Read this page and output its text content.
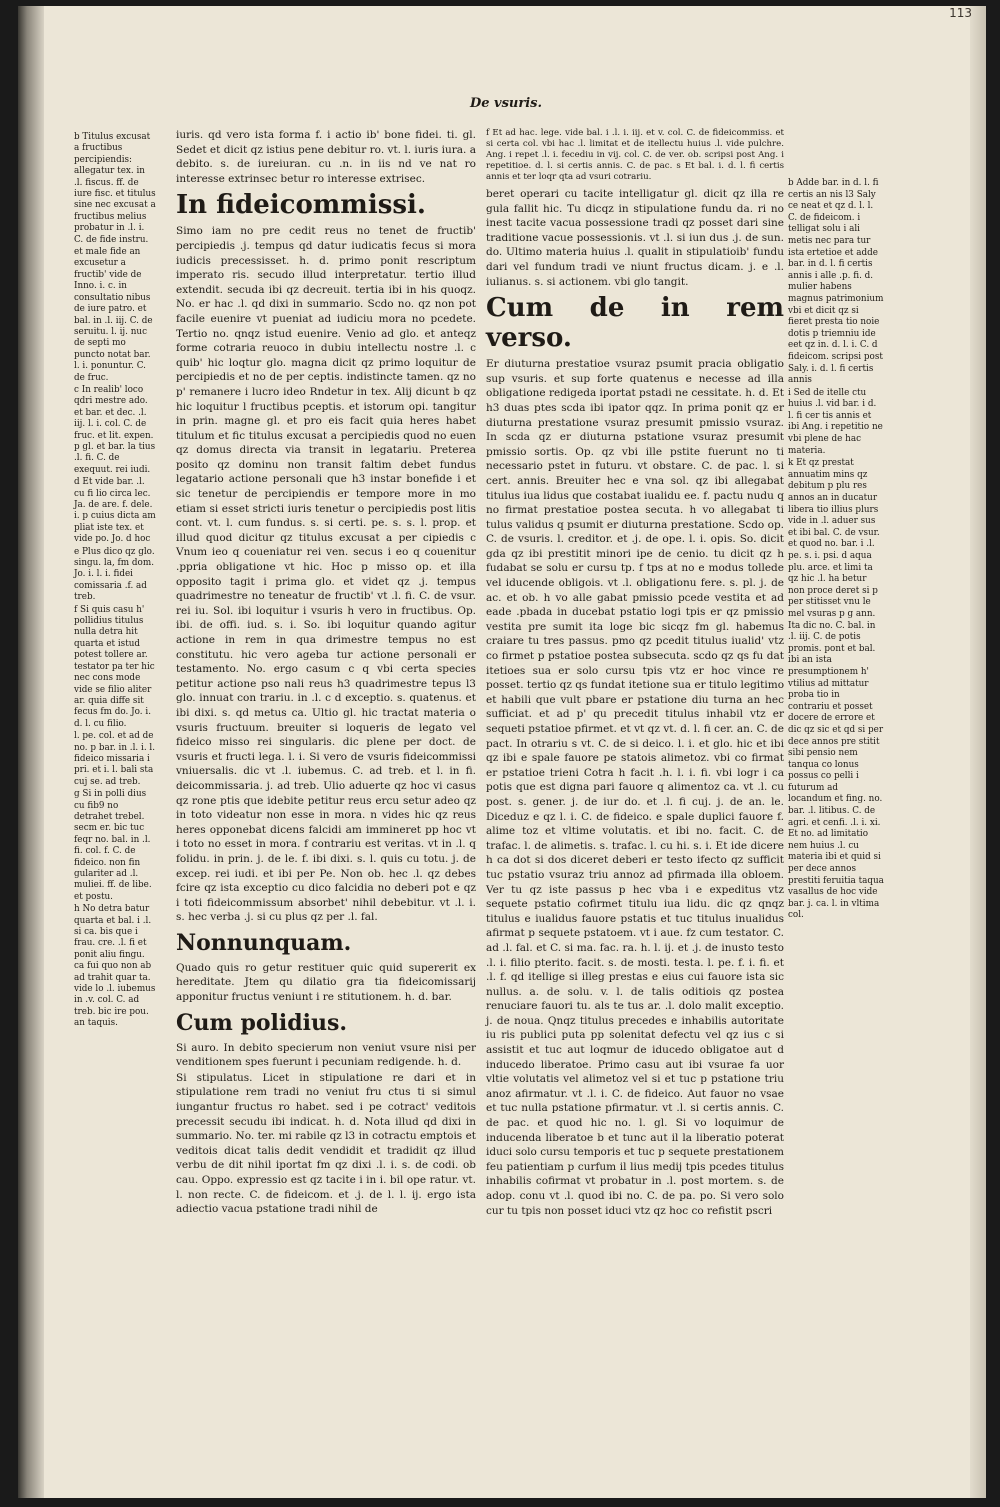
De vsuris.

b Titulus excusat a fructibus percipiendis: allegatur tex. in .l. fiscus. ff. de iure fisc. et titulus sine nec excusat a fructibus melius probatur in .l. i. C. de fide instru.

et male fide an excusetur a fructib' vide de Inno. i. c. in consultatio nibus de iure patro. et bal. in .l. iij. C. de seruitu. l. ij. nuc de septi mo puncto notat bar. l. i. ponuntur. C. de fruc.

c In realib' loco qdri mestre ado. et bar. et dec. .l. iij. l. i. col. C. de fruc. et lit. expen. p gl. et bar. la tius .l. fi. C. de exequut. rei iudi.

d Et vide bar. .l. cu fi lio circa lec. Ja. de are. f. dele. i. p cuius dicta am pliat iste tex. et vide po. Jo. d hoc

e Plus dico qz glo. singu. la, fm dom. Jo. i. l. i. fidei comissaria .f. ad treb.

f Si quis casu h' pollidius titulus nulla detra hit quarta et istud potest tollere ar. testator pa ter hic nec cons mode vide se filio aliter ar. quia diffe sit fecus fm do. Jo. i. d. l. cu filio.

l. pe. col. et ad de no. p bar. in .l. i. l. fideico missaria i pri. et i. l. bali sta cuj se. ad treb.

g Si in polli dius cu fib9 no detrahet trebel. secm er. bic tuc feqr no. bal. in .l. fi. col. f. C. de fideico. non fin gulariter ad .l. muliei. ff. de libe. et postu.

h No detra batur quarta et bal. i .l. si ca. bis que i frau. cre. .l. fi et ponit aliu fingu. ca fui quo non ab ad trahit quar ta. vide lo .l. iubemus in .v. col. C. ad treb. bic ire pou. an taquis.

iuris. qd vero ista forma f. i actio ib' bone fidei. ti. gl. Sedet et dicit qz istius pene debitur ro. vt. l. iuris iura. a debito. s. de iureiuran. cu .n. in iis nd ve nat ro interesse extrinsec betur ro interesse extrisec.

In fideicommissi.

Simo iam no pre cedit reus no tenet de fructib' percipiedis .j. tempus qd datur iudicatis fecus si mora iudicis precessisset. h. d. primo ponit rescriptum imperato ris. secudo illud interpretatur. tertio illud extendit. secuda ibi qz decreuit. tertia ibi in his quoqz. No. er hac .l. qd dixi in summario. Scdo no. qz non pot facile euenire vt pueniat ad iudiciu mora no pcedete. Tertio no. qnqz istud euenire. Venio ad glo. et anteqz forme cotraria reuoco in dubiu intellectu nostre .l. c quib' hic loqtur glo. magna dicit qz primo loquitur de percipiedis et no de per ceptis. indistincte tamen. qz no p' remanere i lucro ideo Rndetur in tex. Alij dicunt b qz hic loquitur l fructibus pceptis. et istorum opi. tangitur in prin. magne gl. et pro eis facit quia heres habet titulum et fic titulus excusat a percipiedis quod no euen qz domus directa via transit in legatariu. Preterea posito qz dominu non transit faltim debet fundus legatario actione personali que h3 instar bonefide i et sic tenetur de percipiendis er tempore more in mo etiam si esset stricti iuris tenetur o percipiedis post litis cont. vt. l. cum fundus. s. si certi. pe. s. s. l. prop. et illud quod dicitur qz titulus excusat a per cipiedis c Vnum ieo q coueniatur rei ven. secus i eo q couenitur .ppria obligatione vt hic. Hoc p misso op. et illa opposito tagit i prima glo. et videt qz .j. tempus quadrimestre no teneatur de fructib' vt .l. fi. C. de vsur. rei iu. Sol. ibi loquitur i vsuris h vero in fructibus. Op. ibi. de offi. iud. s. i. So. ibi loquitur quando agitur actione in rem in qua drimestre tempus no est constitutu. hic vero ageba tur actione personali er testamento. No. ergo casum c q vbi certa species petitur actione pso nali reus h3 quadrimestre tepus l3 glo. innuat con trariu. in .l. c d exceptio. s. quatenus. et ibi dixi. s. qd metus ca. Ultio gl. hic tractat materia o vsuris fructuum. breuiter si loqueris de legato vel fideico misso rei singularis. dic plene per doct. de vsuris et fructi lega. l. i. Si vero de vsuris fideicommissi vniuersalis. dic vt .l. iubemus. C. ad treb. et l. in fi. deicommissaria. j. ad treb. Ulio aduerte qz hoc vi casus qz rone ptis que idebite petitur reus ercu setur adeo qz in toto videatur non esse in mora. n vides hic qz reus heres opponebat dicens falcidi am immineret pp hoc vt i toto no esset in mora. f contrariu est veritas. vt in .l. q folidu. in prin. j. de le. f. ibi dixi. s. l. quis cu totu. j. de excep. rei iudi. et ibi per Pe. Non ob. hec .l. qz debes fcire qz ista exceptio cu dico falcidia no deberi pot e qz i toti fideicommissum absorbet' nihil debebitur. vt .l. i. s. hec verba .j. si cu plus qz per .l. fal.

Nonnunquam.

Quado quis ro getur restituer quic quid supererit ex hereditate. Jtem qu dilatio gra tia fideicomissarij apponitur fructus veniunt i re stitutionem. h. d. bar.

Cum polidius.

Si auro. In debito specierum non veniut vsure nisi per venditionem spes fuerunt i pecuniam redigende. h. d.

Si stipulatus. Licet in stipulatione re dari et in stipulatione rem tradi no veniut fru ctus ti si simul iungantur fructus ro habet. sed i pe cotract' veditois precessit secudu ibi indicat. h. d. Nota illud qd dixi in summario. No. ter. mi rabile qz l3 in cotractu emptois et veditois dicat talis dedit vendidit et tradidit qz illud verbu de dit nihil iportat fm qz dixi .l. i. s. de codi. ob cau. Oppo. expressio est qz tacite i in i. bil ope ratur. vt. l. non recte. C. de fideicom. et .j. de l. l. ij. ergo ista adiectio vacua pstatione tradi nihil de

f Et ad hac. lege. vide bal. i .l. i. iij. et v. col. C. de fideicommiss. et si certa col. vbi hac .l. limitat et de itellectu huius .l. vide pulchre. Ang. i repet .l. i. fecediu in vij. col. C. de ver. ob. scripsi post Ang. i repetitioe. d. l. si certis annis. C. de pac. s Et bal. i. d. l. fi certis annis et ter loqr qta ad vsuri cotrariu.

beret operari cu tacite intelligatur gl. dicit qz illa re gula fallit hic. Tu dicqz in stipulatione fundu da. ri no inest tacite vacua possessione tradi qz posset dari sine traditione vacue possessionis. vt .l. si iun dus .j. de sun. do. Ultimo materia huius .l. qualit in stipulatioib' fundu dari vel fundum tradi ve niunt fructus dicam. j. e .l. iulianus. s. si actionem. vbi glo tangit.

Cum de in rem verso.

Er diuturna prestatioe vsuraz psumit pracia obligatio sup vsuris. et sup forte quatenus e necesse ad illa obligatione redigeda iportat pstadi ne cessitate. h. d. Et h3 duas ptes scda ibi ipator qqz. In prima ponit qz er diuturna prestatione vsuraz presumit pmissio vsuraz. In scda qz er diuturna pstatione vsuraz presumit pmissio sortis. Op. qz vbi ille pstite fuerunt no ti necessario pstet in futuru. vt obstare. C. de pac. l. si cert. annis. Breuiter hec e vna sol. qz ibi allegabat titulus iua lidus que costabat iualidu ee. f. pactu nudu q no firmat prestatioe postea secuta. h vo allegabat ti tulus validus q psumit er diuturna prestatione. Scdo op. C. de vsuris. l. creditor. et .j. de ope. l. i. opis. So. dicit gda qz ibi prestitit minori ipe de cenio. tu dicit qz h fudabat se solu er cursu tp. f tps at no e modus tollede vel iducende obligois. vt .l. obligationu fere. s. pl. j. de ac. et ob. h vo alle gabat pmissio pcede vestita et ad eade .pbada in ducebat pstatio logi tpis er qz pmissio vestita pre sumit ita loge bic sicqz fm gl. habemus craiare tu tres passus. pmo qz pcedit titulus iualid' vtz co firmet p pstatioe postea subsecuta. scdo qz qs fu dat itetioes sua er solo cursu tpis vtz er hoc vince re posset. tertio qz qs fundat itetione sua er titulo legitimo et habili que vult pbare er pstatione diu turna an hec sufficiat. et ad p' qu precedit titulus inhabil vtz er sequeti pstatioe pfirmet. et vt qz vt. d. l. fi cer. an. C. de pact. In otrariu s vt. C. de si deico. l. i. et glo. hic et ibi qz ibi e spale fauore pe statois alimetoz. vbi co firmat er pstatioe trieni Cotra h facit .h. l. i. fi. vbi logr i ca potis que est digna pari fauore q alimentoz ca. vt .l. cu post. s. gener. j. de iur do. et .l. fi cuj. j. de an. le. Diceduz e qz l. i. C. de fideico. e spale duplici fauore f. alime toz et vltime volutatis. et ibi no. facit. C. de trafac. l. de alimetis. s. trafac. l. cu hi. s. i. Et ide dicere h ca dot si dos diceret deberi er testo ifecto qz sufficit tuc pstatio vsuraz triu annoz ad pfirmada illa obloem. Ver tu qz iste passus p hec vba i e expeditus vtz sequete pstatio cofirmet titulu iua lidu. dic qz qnqz titulus e iualidus fauore pstatis et tuc titulus inualidus afirmat p sequete pstatoem. vt i aue. fz cum testator. C. ad .l. fal. et C. si ma. fac. ra. h. l. ij. et .j. de inusto testo .l. i. filio pterito. facit. s. de mosti. testa. l. pe. f. i. fi. et .l. f. qd itellige si illeg prestas e eius cui fauore ista sic nullus. a. de solu. v. l. de talis oditiois qz postea renuciare fauori tu. als te tus ar. .l. dolo malit exceptio. j. de noua. Qnqz titulus precedes e inhabilis autoritate iu ris publici puta pp solenitat defectu vel qz ius c si assistit et tuc aut loqmur de iducedo obligatoe aut d inducedo liberatoe. Primo casu aut ibi vsurae fa uor vltie volutatis vel alimetoz vel si et tuc p pstatione triu anoz afirmatur. vt .l. i. C. de fideico. Aut fauor no vsae et tuc nulla pstatione pfirmatur. vt .l. si certis annis. C. de pac. et quod hic no. l. gl. Si vo loquimur de inducenda liberatoe b et tunc aut il la liberatio poterat iduci solo cursu temporis et tuc p sequete prestationem feu patientiam p curfum il lius medij tpis pcedes titulus inhabilis cofirmat vt probatur in .l. post mortem. s. de adop. conu vt .l. quod ibi no. C. de pa. po. Si vero solo cur tu tpis non posset iduci vtz qz hoc co refistit pscri

b Adde bar. in d. l. fi certis an nis l3 Saly ce neat et qz d. l. l. C. de fideicom. i telligat solu i ali metis nec para tur ista ertetioe et adde bar. in d. l. fi certis annis i alle .p. fi. d. mulier habens magnus patrimonium vbi et dicit qz si fieret presta tio noie dotis p triemniu ide eet qz in. d. l. i. C. d fideicom. scripsi post Saly. i. d. l. fi certis annis

i Sed de itelle ctu huius .l. vid bar. i d. l. fi cer tis annis et ibi Ang. i repetitio ne vbi plene de hac materia.

k Et qz prestat annuatim mins qz debitum p plu res annos an in ducatur libera tio illius plurs vide in .l. aduer sus et ibi bal. C. de vsur. et quod no. bar. i .l. pe. s. i. psi. d aqua plu. arce. et limi ta qz hic .l. ha betur non proce deret si p per stitisset vnu le mel vsuras p g ann. Ita dic no. C. bal. in .l. iij. C. de potis promis. pont et bal. ibi an ista presumptionem h' vtilius ad mittatur proba tio in contrariu et posset docere de errore et dic qz sic et qd si per dece annos pre stitit sibi pensio nem tanqua co lonus possus co pelli i futurum ad locandum et fing. no. bar. .l. litibus. C. de agri. et cenfi. .l. i. xi. Et no. ad limitatio nem huius .l. cu materia ibi et quid si per dece annos prestiti feruitia taqua vasallus de hoc vide bar. j. ca. l. in vltima col.

113
